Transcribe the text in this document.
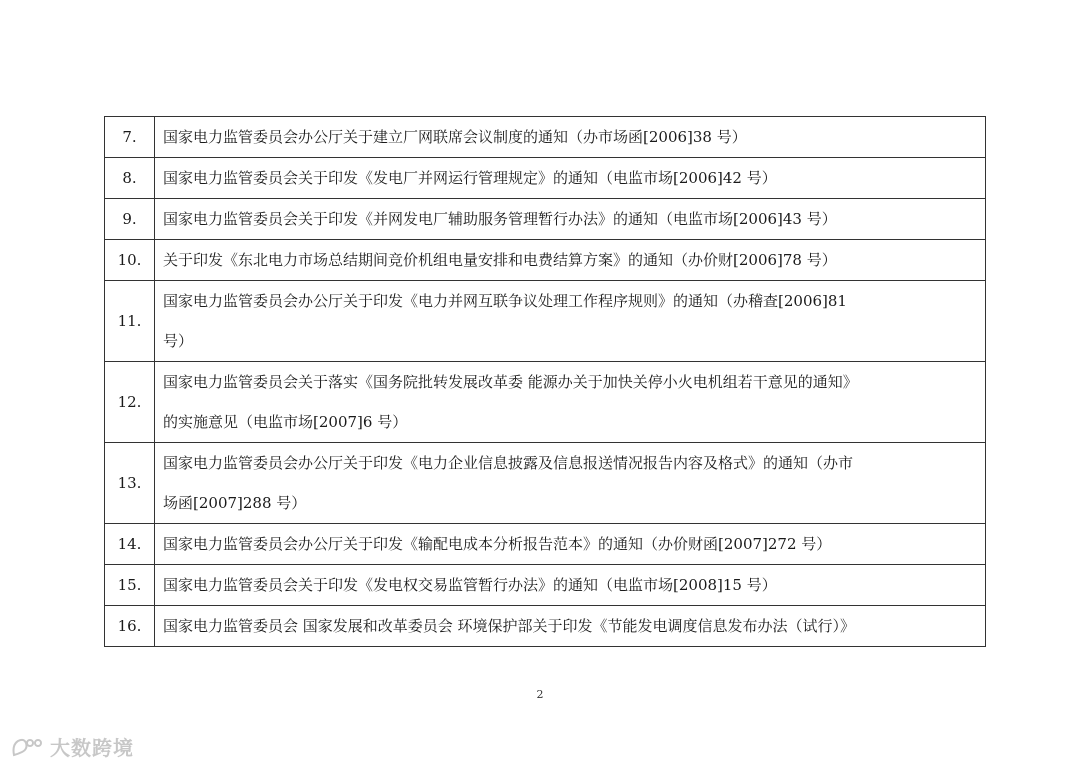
7.	国家电力监管委员会办公厅关于建立厂网联席会议制度的通知（办市场函[2006]38 号）
8.	国家电力监管委员会关于印发《发电厂并网运行管理规定》的通知（电监市场[2006]42 号）
9.	国家电力监管委员会关于印发《并网发电厂辅助服务管理暂行办法》的通知（电监市场[2006]43 号）
10.	关于印发《东北电力市场总结期间竞价机组电量安排和电费结算方案》的通知（办价财[2006]78 号）
11.	国家电力监管委员会办公厅关于印发《电力并网互联争议处理工作程序规则》的通知（办稽查[2006]81
号）
12.	国家电力监管委员会关于落实《国务院批转发展改革委 能源办关于加快关停小火电机组若干意见的通知》
的实施意见（电监市场[2007]6 号）
13.	国家电力监管委员会办公厅关于印发《电力企业信息披露及信息报送情况报告内容及格式》的通知（办市
场函[2007]288 号）
14.	国家电力监管委员会办公厅关于印发《输配电成本分析报告范本》的通知（办价财函[2007]272 号）
15.	国家电力监管委员会关于印发《发电权交易监管暂行办法》的通知（电监市场[2008]15 号）
16.	国家电力监管委员会 国家发展和改革委员会 环境保护部关于印发《节能发电调度信息发布办法（试行）》
2
大数跨境
